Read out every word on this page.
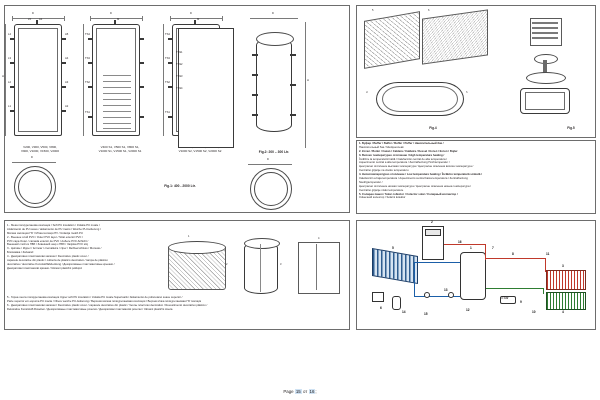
D
L4
L3
L2
L1
A5
A4
A3
A2
A1
L5
H
V200, V300, V500, V800,
V900, V1000, V1500, V2000
D
D
TS4
TS3
TS2
TS1
M
V400 S1, V500 S1, V800 S1,
V1000 S1, V1500 S1, V2000 S1
D
TS4
TS3
TS2
TS1
M
V1000 S2, V1500 S2, V2000 S2
Fig.1: 400 - 2000 Ltr.
TSS1
TSS2
TSS3
TSS4
H
D
Fig.2: 200 – 300 Ltr.
D
5	6
d	h
Fig.4	Fig.5

1. Буфер / Buffer / Buffer / Buffer / Puffer / Накопительный бак /

Накопительный бак / Medquenceak

2. Котел / Boiler / Cazan / Caldera / Caldeira / Kessel / Котел / Котел / Bojler

3. Високо температурно отопление / High temperature heating /

Încălzire la temperatură înaltă / Calefacción central de alta temperatura /

Aquecimento central a alta temperatura / Zentralheizung Hochtemperatur /

Централно отопление высокая температура / Централне опалення висока температура /

Centralno grijanje na visoku temperaturu

4. Нискотемпературно отопление / Low temperature heating / Încălzire temperatură scăzută /

Calefacción a baja temperatura / Aquecimento central baixa temperatura / Zentralheizung

Niedrigtemperatur /

Централно отопление низкая температура / Централне опалення низька температура /

Centralno grijanje nisko temperature

5. Соларен панел / Solar collector / Colector solar / Соларный коллектор /

Соlнечний колектор / Solarni kolektor

1 - Мека полиуретанова изолация / Soft PU insulation / Izolatia PU moale /

Aislamiento de PU suave / aislamiento de PU macio / Weiche PU-Isolierung /

Мягкая изоляция ПУ / М'яка ізоляція ПУ / Izolacija mekih PU

2 - Външен слой PVC / Outer PVC layer / Strat exterior PVC /

PVC capa Outer / camada exterior de PVC / Außere PVC-Schicht /

Внешний слой из ПВХ / Зовнішній шар з ПВХ / Vanjska PVC sloj

3 - Ципове / Zipper / fermoar / cremalleira / zíper / Reißverschluss / Молния /

Блискавка / Zatvarač

4 - Декоративни пластмасови капачки / Decorative plastic cover /

capacele decorative din plastic / cubierta de plástico decorativo / tampa de plástico

decorativa / decorative Kunststoffabdeckung / Декоративные пластмассовые крышки /

Декоративні пластмасові кришки / Ukrasni plastični poklopci

5 - Горна лента полиуретанова изолация Upper soft PU insulation / izolatia PU moale Superioară / Aislamiento de poliuretano suave superior /

Parte superior em espuma PU macia / Obere weiche PU-Isolierung / Верхняя мягкая полиуретановая изоляция / Верхня м'яка полиуретановая ПУ ізоляція

6 - Декоративни пластмасови капачки / Decorative plastic cover / capacele decorative din plastic / Чехлы пластико decorativo / Revestimento decorativo plástico /

Dekorative Kunststoff-Rosetten / Декоративные пластмассовые розетки / Декоративні пластмасові розетки / Ukrasni plastični roseta

1
2	3
4
2
5	1
3
4
3 Bar
13
14	15
6
7
8
9
10
11
12
16
Page 15 от 16;
